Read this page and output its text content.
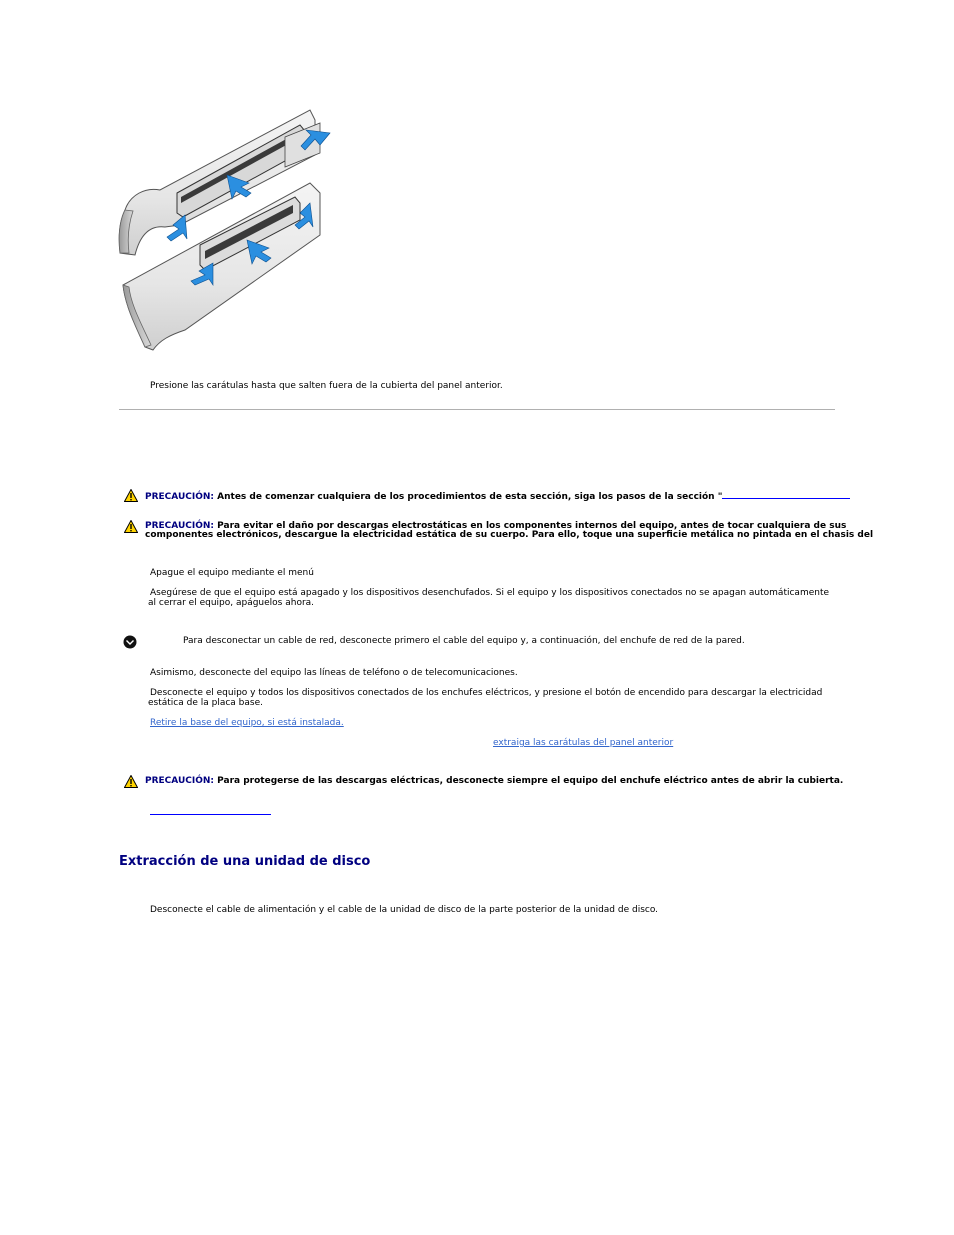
Presione las carátulas hasta que salten fuera de la cubierta del panel anterior.
PRECAUCIÓN: Antes de comenzar cualquiera de los procedimientos de esta sección, siga los pasos de la sección "
PRECAUCIÓN: Para evitar el daño por descargas electrostáticas en los componentes internos del equipo, antes de tocar cualquiera de sus
componentes electrónicos, descargue la electricidad estática de su cuerpo. Para ello, toque una superficie metálica no pintada en el chasis del
Apague el equipo mediante el menú
Asegúrese de que el equipo está apagado y los dispositivos desenchufados. Si el equipo y los dispositivos conectados no se apagan automáticamente
al cerrar el equipo, apáguelos ahora.
Para desconectar un cable de red, desconecte primero el cable del equipo y, a continuación, del enchufe de red de la pared.
Asimismo, desconecte del equipo las líneas de teléfono o de telecomunicaciones.
Desconecte el equipo y todos los dispositivos conectados de los enchufes eléctricos, y presione el botón de encendido para descargar la electricidad
estática de la placa base.
Retire la base del equipo, si está instalada.
extraiga las carátulas del panel anterior
PRECAUCIÓN: Para protegerse de las descargas eléctricas, desconecte siempre el equipo del enchufe eléctrico antes de abrir la cubierta.
Extracción de una unidad de disco
Desconecte el cable de alimentación y el cable de la unidad de disco de la parte posterior de la unidad de disco.
